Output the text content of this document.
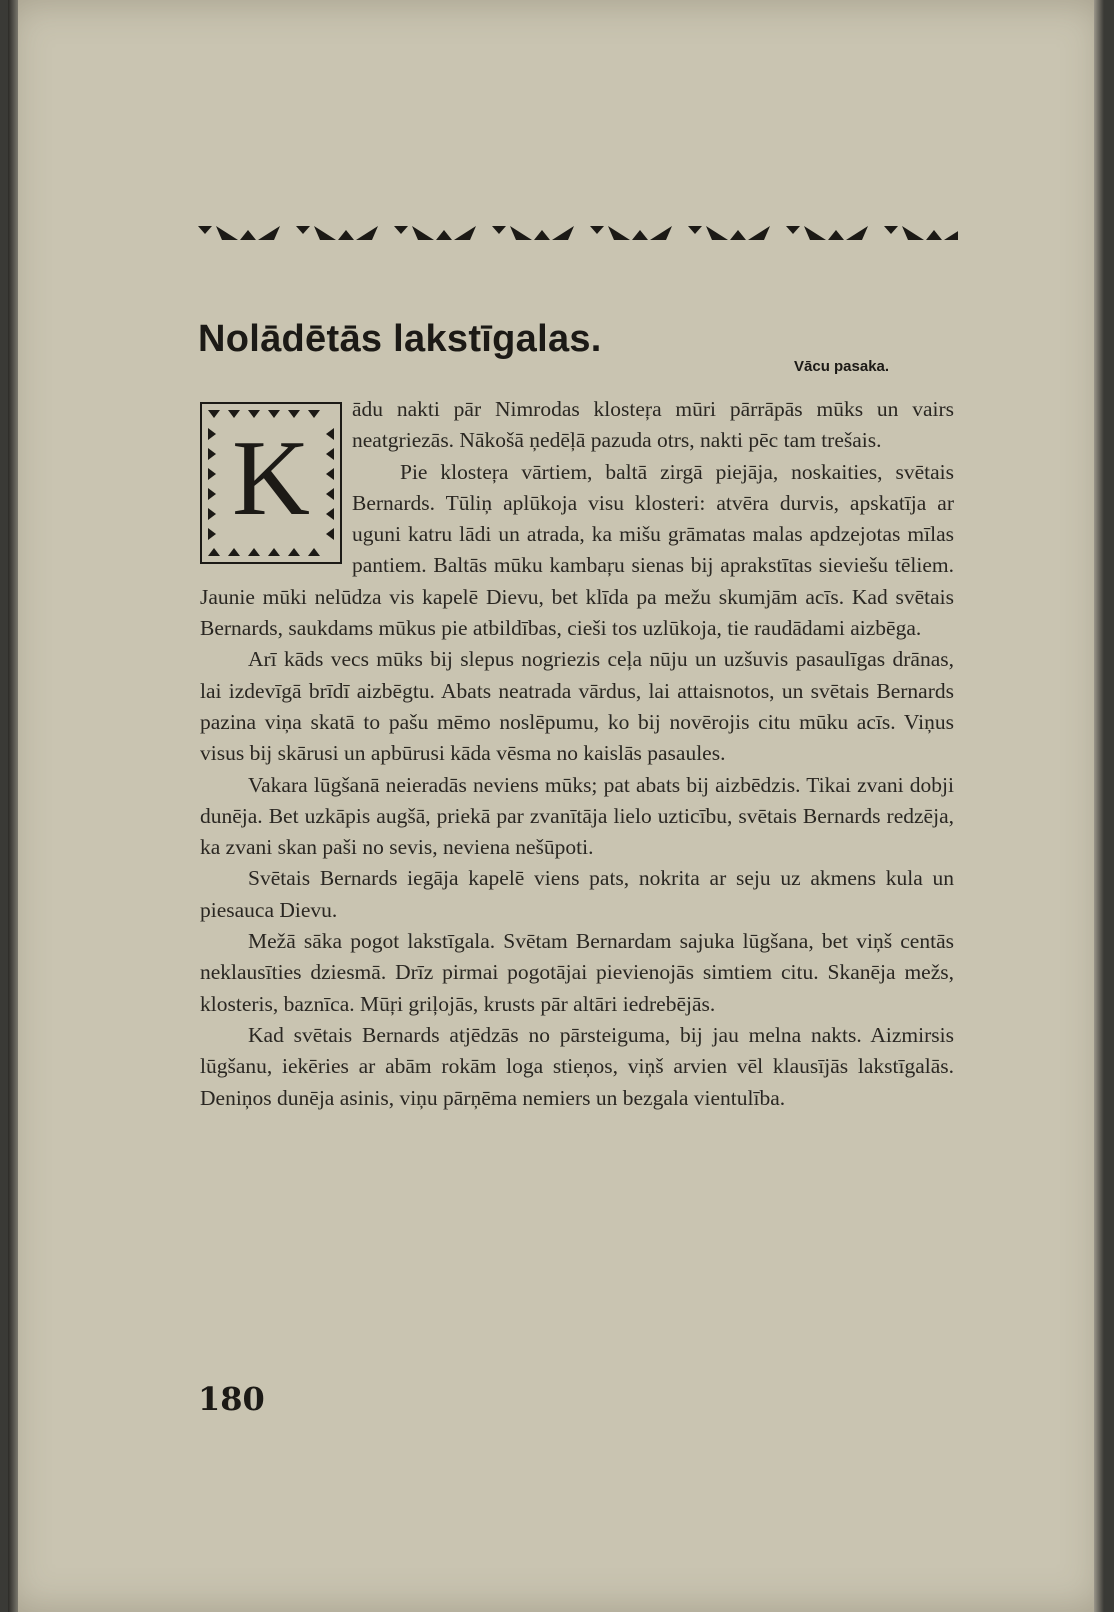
Nolādētās lakstīgalas.
Vācu pasaka.
K

ādu nakti pār Nimrodas klosteŗa mūri pārrāpās mūks un vairs neatgriezās. Nākošā ņedēļā pazuda otrs, nakti pēc tam trešais.

Pie klosteŗa vārtiem, baltā zirgā piejāja, noskaities, svētais Bernards. Tūliņ aplūkoja visu klosteri: atvēra durvis, apskatīja ar uguni katru lādi un atrada, ka mišu grāmatas malas apdzejotas mīlas pantiem. Baltās mūku kambaŗu sienas bij aprakstītas sieviešu tēliem. Jaunie mūki nelūdza vis kapelē Dievu, bet klīda pa mežu skumjām acīs. Kad svētais Bernards, saukdams mūkus pie atbildības, cieši tos uzlūkoja, tie raudādami aizbēga.

Arī kāds vecs mūks bij slepus nogriezis ceļa nūju un uzšuvis pasaulīgas drānas, lai izdevīgā brīdī aizbēgtu. Abats neatrada vārdus, lai attaisnotos, un svētais Bernards pazina viņa skatā to pašu mēmo noslēpumu, ko bij novērojis citu mūku acīs. Viņus visus bij skārusi un apbūrusi kāda vēsma no kaislās pasaules.

Vakara lūgšanā neieradās neviens mūks; pat abats bij aizbēdzis. Tikai zvani dobji dunēja. Bet uzkāpis augšā, priekā par zvanītāja lielo uzticību, svētais Bernards redzēja, ka zvani skan paši no sevis, neviena nešūpoti.

Svētais Bernards iegāja kapelē viens pats, nokrita ar seju uz akmens kula un piesauca Dievu.

Mežā sāka pogot lakstīgala. Svētam Bernardam sajuka lūgšana, bet viņš centās neklausīties dziesmā. Drīz pirmai pogotājai pievienojās simtiem citu. Skanēja mežs, klosteris, baznīca. Mūŗi griļojās, krusts pār altāri iedrebējās.

Kad svētais Bernards atjēdzās no pārsteiguma, bij jau melna nakts. Aizmirsis lūgšanu, iekēries ar abām rokām loga stieņos, viņš arvien vēl klausījās lakstīgalās. Deniņos dunēja asinis, viņu pārņēma nemiers un bezgala vientulība.

180
